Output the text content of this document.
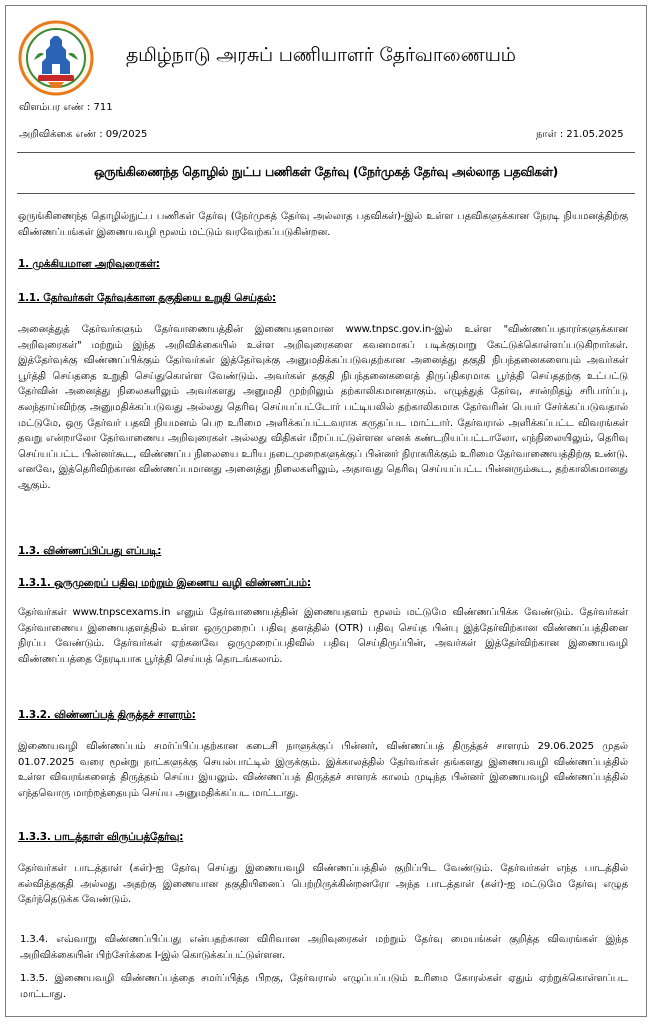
தமிழ்நாடு அரசுப் பணியாளர் தேர்வாணையம்
விளம்பர எண் : 711
அறிவிக்கை எண் : 09/2025	நாள் : 21.05.2025
ஒருங்கிணைந்த தொழில் நுட்ப பணிகள் தேர்வு (நேர்முகத் தேர்வு அல்லாத பதவிகள்)
ஒருங்கிணைந்த தொழில்நுட்ப பணிகள் தேர்வு (நேர்முகத் தேர்வு அல்லாத பதவிகள்)-இல் உள்ள பதவிகளுக்கான நேரடி நியமனத்திற்கு விண்ணப்பங்கள் இணையவழி மூலம் மட்டும் வரவேற்கப்படுகின்றன.
1. முக்கியமான அறிவுரைகள்:
1.1. தேர்வர்கள் தேர்வுக்கான தகுதியை உறுதி செய்தல்:
அனைத்துத் தேர்வர்களும் தேர்வாணையத்தின் இணையதளமான www.tnpsc.gov.in-இல் உள்ள "விண்ணப்பதாரர்களுக்கான அறிவுரைகள்" மற்றும் இந்த அறிவிக்கையில் உள்ள அறிவுரைகளை கவனமாகப் படிக்குமாறு கேட்டுக்கொள்ளப்படுகிறார்கள். இத்தேர்வுக்கு விண்ணப்பிக்கும் தேர்வர்கள் இத்தேர்வுக்கு அனுமதிக்கப்படுவதற்கான அனைத்து தகுதி நிபந்தனைகளையும் அவர்கள் பூர்த்தி செய்ததை உறுதி செய்துகொள்ள வேண்டும். அவர்கள் தகுதி நிபந்தனைகளைத் திருப்திகரமாக பூர்த்தி செய்ததற்கு உட்பட்டு தேர்வின் அனைத்து நிலைகளிலும் அவர்களது அனுமதி முற்றிலும் தற்காலிகமானதாகும். எழுத்துத் தேர்வு, சான்றிதழ் சரிபார்ப்பு, கலந்தாய்விற்கு அனுமதிக்கப்படுவது அல்லது தெரிவு செய்யப்பட்டோர் பட்டியலில் தற்காலிகமாக தேர்வரின் பெயர் சேர்க்கப்படுவதால் மட்டுமே, ஒரு தேர்வர் பதவி நியமனம் பெற உரிமை அளிக்கப்பட்டவராக கருதப்பட மாட்டார். தேர்வரால் அளிக்கப்பட்ட விவரங்கள் தவறு என்றாலோ தேர்வாணைய அறிவுரைகள் அல்லது விதிகள் மீறப்பட்டுள்ளன எனக் கண்டறியப்பட்டாலோ, எந்நிலையிலும், தெரிவு செய்யப்பட்ட பின்னர்கூட, விண்ணப்ப நிலையை உரிய நடைமுறைகளுக்குப் பின்னர் நிராகரிக்கும் உரிமை தேர்வாணையத்திற்கு உண்டு. எனவே, இத்தெரிவிற்கான விண்ணப்பமானது அனைத்து நிலைகளிலும், அதாவது தெரிவு செய்யப்பட்ட பின்னரும்கூட, தற்காலிகமானது ஆகும்.
1.3. விண்ணப்பிப்பது எப்படி:
1.3.1. ஒருமுறைப் பதிவு மற்றும் இணைய வழி விண்ணப்பம்:
தேர்வர்கள் www.tnpscexams.in எனும் தேர்வாணையத்தின் இணையதளம் மூலம் மட்டுமே விண்ணப்பிக்க வேண்டும். தேர்வர்கள் தேர்வாணைய இணையதளத்தில் உள்ள ஒருமுறைப் பதிவு தளத்தில் (OTR) பதிவு செய்த பின்பு இத்தேர்விற்கான விண்ணப்பத்தினை நிரப்ப வேண்டும். தேர்வர்கள் ஏற்கனவே ஒருமுறைப்பதிவில் பதிவு செய்திருப்பின், அவர்கள் இத்தேர்விற்கான இணையவழி விண்ணப்பத்தை நேரடியாக பூர்த்தி செய்யத் தொடங்கலாம்.
1.3.2. விண்ணப்பத் திருத்தச் சாளரம்:
இணையவழி விண்ணப்பம் சமர்ப்பிப்பதற்கான கடைசி நாளுக்குப் பின்னர், விண்ணப்பத் திருத்தச் சாளரம் 29.06.2025 முதல் 01.07.2025 வரை மூன்று நாட்களுக்கு செயல்பாட்டில் இருக்கும். இக்காலத்தில் தேர்வர்கள் தங்களது இணையவழி விண்ணப்பத்தில் உள்ள விவரங்களைத் திருத்தம் செய்ய இயலும். விண்ணப்பத் திருத்தச் சாளரக் காலம் முடிந்த பின்னர் இணையவழி விண்ணப்பத்தில் எந்தவொரு மாற்றத்தையும் செய்ய அனுமதிக்கப்பட மாட்டாது.
1.3.3. பாடத்தாள் விருப்பத்தேர்வு:
தேர்வர்கள் பாடத்தாள் (கள்)-ஐ தேர்வு செய்து இணையவழி விண்ணப்பத்தில் குறிப்பிட வேண்டும். தேர்வர்கள் எந்த பாடத்தில் கல்வித்தகுதி அல்லது அதற்கு இணையான தகுதியினைப் பெற்றிருக்கின்றனரோ அந்த பாடத்தாள் (கள்)-ஐ மட்டுமே தேர்வு எழுத தேர்ந்தெடுக்க வேண்டும்.
1.3.4. எவ்வாறு விண்ணப்பிப்பது என்பதற்கான விரிவான அறிவுரைகள் மற்றும் தேர்வு மையங்கள் குறித்த விவரங்கள் இந்த அறிவிக்கையின் பிற்சேர்க்கை I-இல் கொடுக்கப்பட்டுள்ளன.
1.3.5. இணையவழி விண்ணப்பத்தை சமர்ப்பித்த பிறகு, தேர்வரால் எழுப்பப்படும் உரிமை கோரல்கள் ஏதும் ஏற்றுக்கொள்ளப்பட மாட்டாது.
